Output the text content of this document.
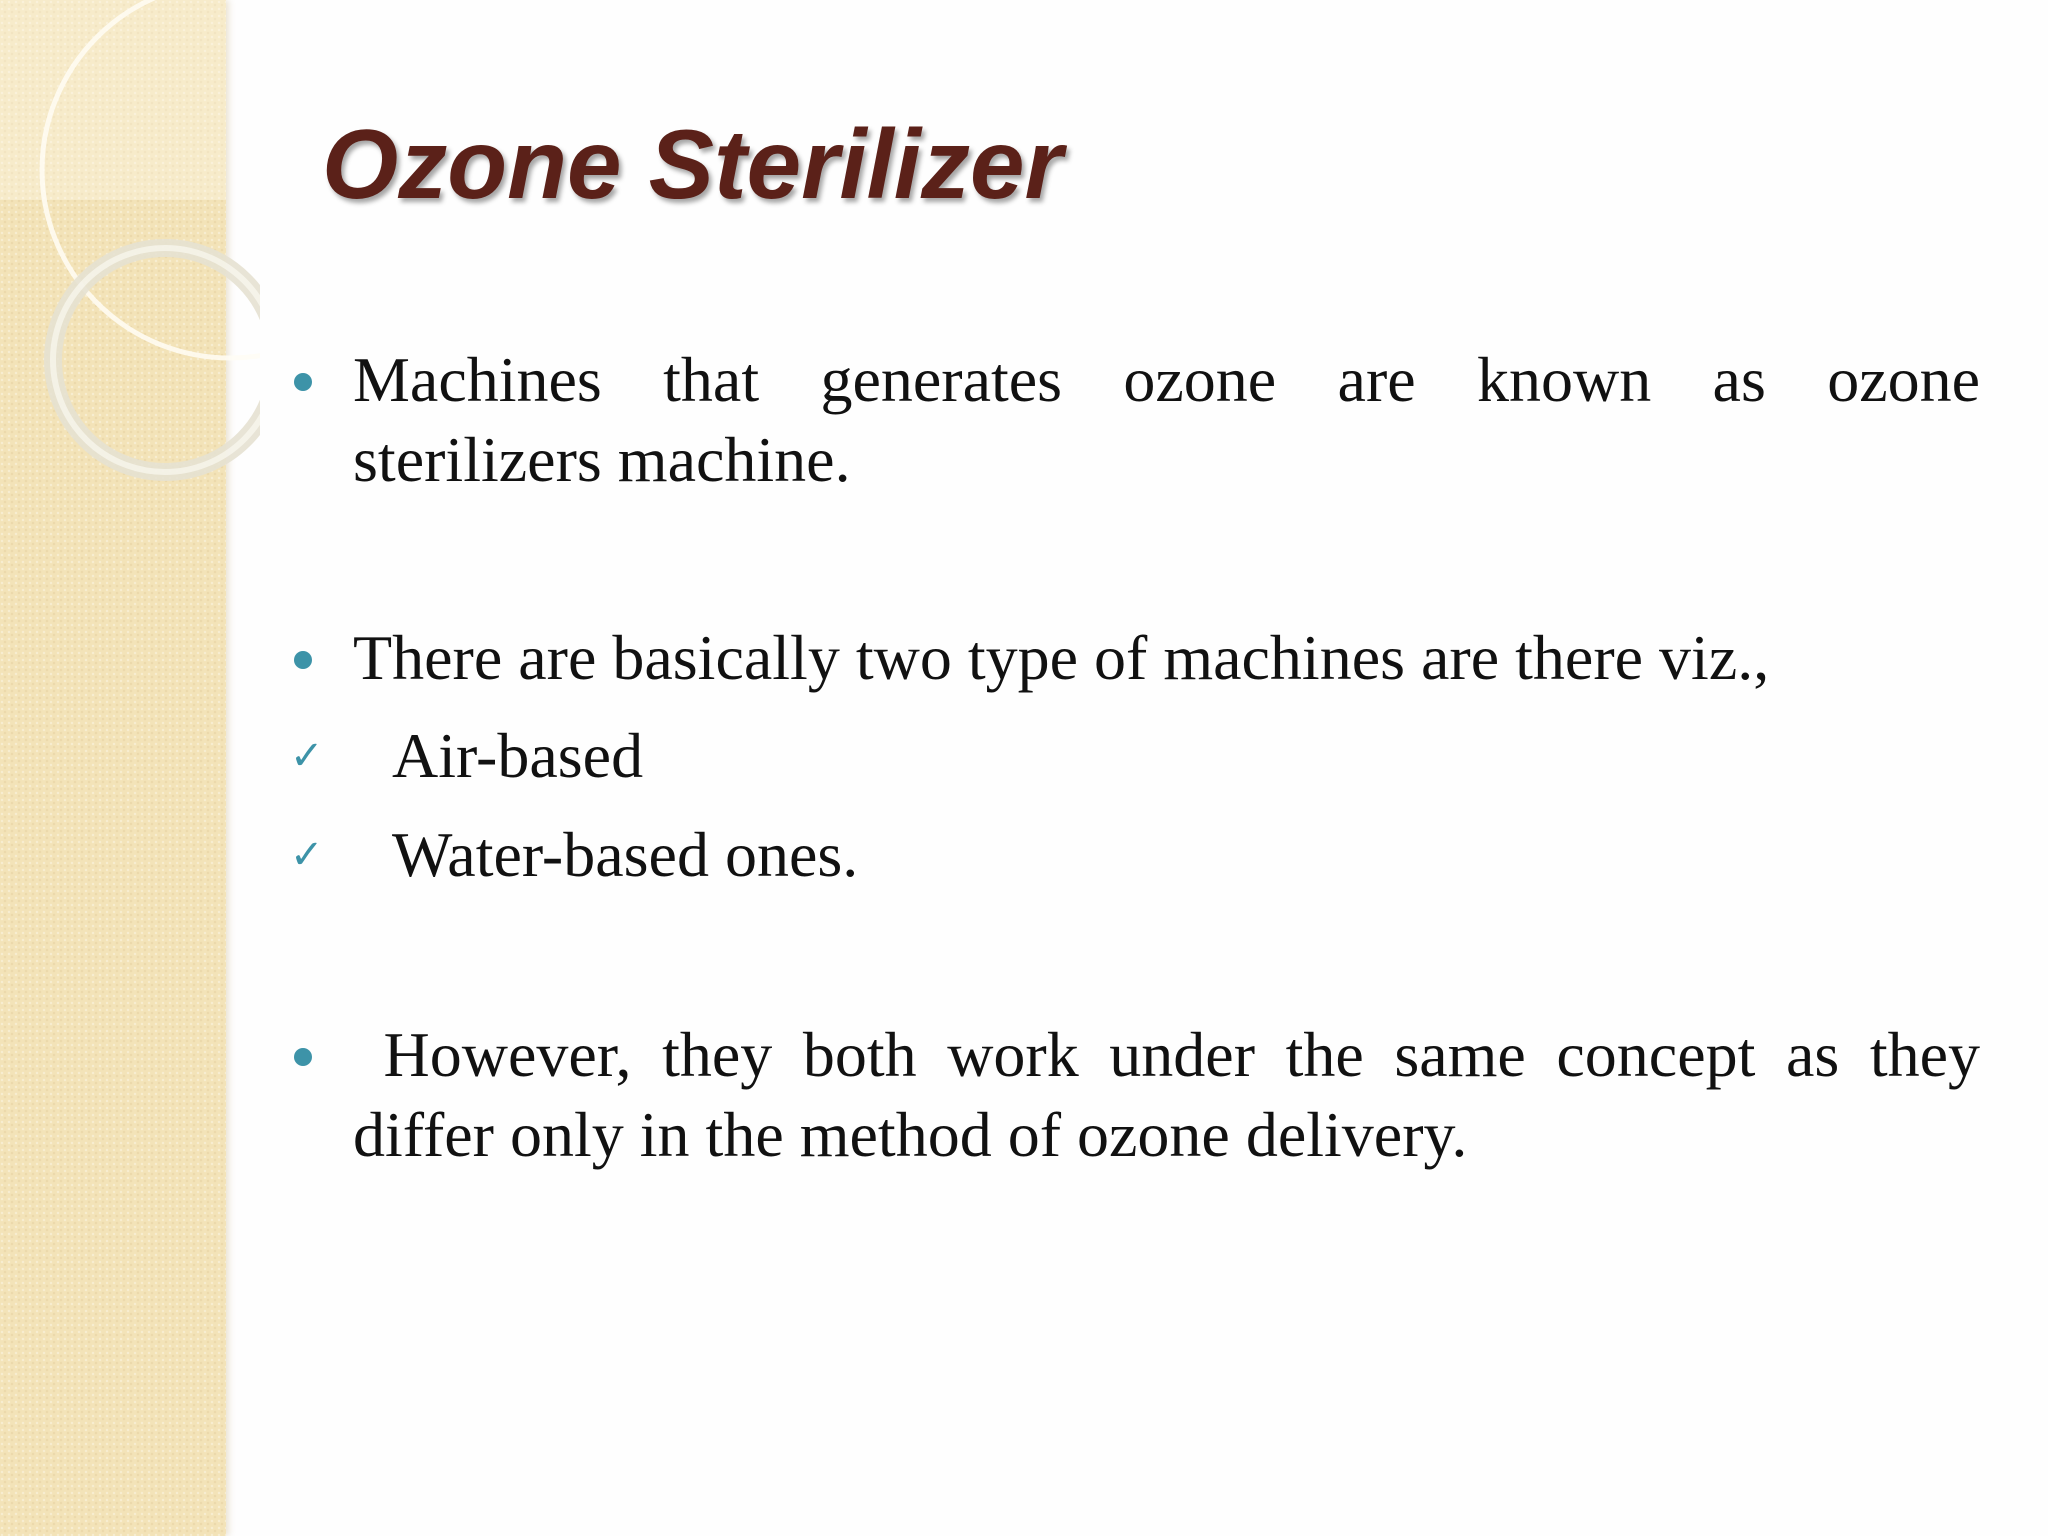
Ozone Sterilizer
Machines that generates ozone are known as ozone
sterilizers machine.
There are basically two type of machines are there viz.,
✓ Air-based
✓ Water-based ones.
However, they both work under the same concept as they
differ only in the method of ozone delivery.
